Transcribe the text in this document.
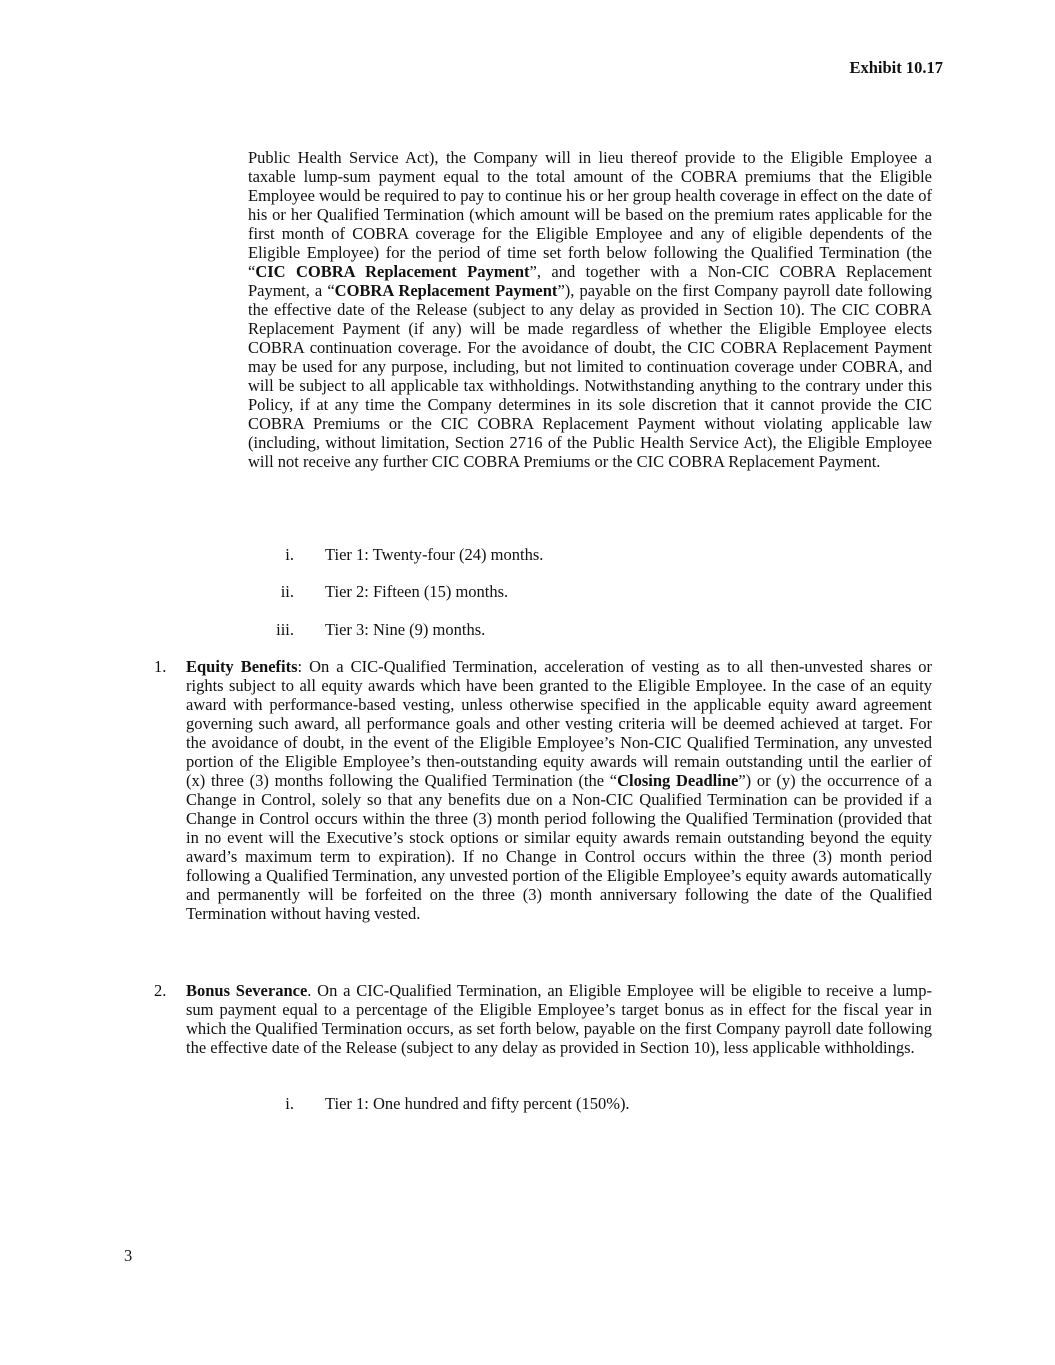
Exhibit 10.17

Public Health Service Act), the Company will in lieu thereof provide to the Eligible Employee a taxable lump-sum payment equal to the total amount of the COBRA premiums that the Eligible Employee would be required to pay to continue his or her group health coverage in effect on the date of his or her Qualified Termination (which amount will be based on the premium rates applicable for the first month of COBRA coverage for the Eligible Employee and any of eligible dependents of the Eligible Employee) for the period of time set forth below following the Qualified Termination (the “CIC COBRA Replacement Payment”, and together with a Non-CIC COBRA Replacement Payment, a “COBRA Replacement Payment”), payable on the first Company payroll date following the effective date of the Release (subject to any delay as provided in Section 10). The CIC COBRA Replacement Payment (if any) will be made regardless of whether the Eligible Employee elects COBRA continuation coverage. For the avoidance of doubt, the CIC COBRA Replacement Payment may be used for any purpose, including, but not limited to continuation coverage under COBRA, and will be subject to all applicable tax withholdings. Notwithstanding anything to the contrary under this Policy, if at any time the Company determines in its sole discretion that it cannot provide the CIC COBRA Premiums or the CIC COBRA Replacement Payment without violating applicable law (including, without limitation, Section 2716 of the Public Health Service Act), the Eligible Employee will not receive any further CIC COBRA Premiums or the CIC COBRA Replacement Payment.

i. Tier 1: Twenty-four (24) months.
ii. Tier 2: Fifteen (15) months.
iii. Tier 3: Nine (9) months.
1. Equity Benefits: On a CIC-Qualified Termination, acceleration of vesting as to all then-unvested shares or rights subject to all equity awards which have been granted to the Eligible Employee. In the case of an equity award with performance-based vesting, unless otherwise specified in the applicable equity award agreement governing such award, all performance goals and other vesting criteria will be deemed achieved at target. For the avoidance of doubt, in the event of the Eligible Employee’s Non-CIC Qualified Termination, any unvested portion of the Eligible Employee’s then-outstanding equity awards will remain outstanding until the earlier of (x) three (3) months following the Qualified Termination (the “Closing Deadline”) or (y) the occurrence of a Change in Control, solely so that any benefits due on a Non-CIC Qualified Termination can be provided if a Change in Control occurs within the three (3) month period following the Qualified Termination (provided that in no event will the Executive’s stock options or similar equity awards remain outstanding beyond the equity award’s maximum term to expiration). If no Change in Control occurs within the three (3) month period following a Qualified Termination, any unvested portion of the Eligible Employee’s equity awards automatically and permanently will be forfeited on the three (3) month anniversary following the date of the Qualified Termination without having vested.

2. Bonus Severance. On a CIC-Qualified Termination, an Eligible Employee will be eligible to receive a lump-sum payment equal to a percentage of the Eligible Employee’s target bonus as in effect for the fiscal year in which the Qualified Termination occurs, as set forth below, payable on the first Company payroll date following the effective date of the Release (subject to any delay as provided in Section 10), less applicable withholdings.

i. Tier 1: One hundred and fifty percent (150%).
3
